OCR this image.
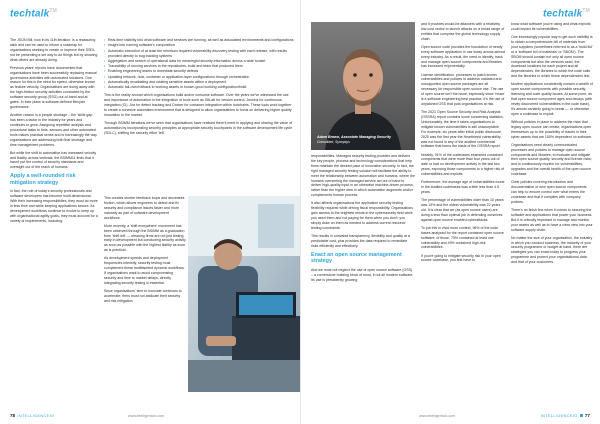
techtalk™

The JSON Bill, now in its 11th iteration, is a reassuring stick and can be used to inform a roadmap for organisations seeking to create or improve their SSDL not be presenting a set way to do things but by showing what others are already doing.

Previous years' reports have documented that organisations have been successfully replacing manual governance activities with automated solutions. One reason for this is the need for speed, otherwise known as feature velocity. Organisations are doing away with the high-friction security activities conducted by the software security group (SSG) out-of-band and at gates. In their place is software-defined lifecycle governance.

Another reason is a people shortage – the 'skills gap' has been a factor in the industry for years and continues to grow. Assigning repetitive analysis and procedural tasks to bots, sensors and other automated tools makes practical sense and is increasingly the way organisations are addressing both that shortage and time management problems.

But while the shift to automation has increased velocity and fluidity across verticals, the BSIMM11 finds that it hasn't put the control of security standards and oversight out of the reach of humans.

Apply a well-rounded risk mitigation strategy

In fact, the role of today's security professionals and software developers has become multi-dimensional. With their increasing responsibilities, they must do more in less time and while keeping applications secure. As development workflows continue to evolve to keep up with organisational agility goals, they must account for a variety of requirements, including:

• Real-time visibility into what software and services are running, as well as associated environments and configurations
• Insight into running software's composition
• Automatic execution of at least the minimum required vulnerability discovery testing with each release, with results provided directly to bug tracking systems
• Aggregation and search of operational data for meaningful security information across a wide toolset
• Traceability of running services to the repositories, build and team that produced them
• Enabling engineering teams to remediate security defects
• Updating network, host, container or application-layer configurations through orchestration
• Automatically revalidating and rotating sensitive assets within a deployment
• Automatic fail-over/rollback to working assets or known-good working configuration/build

This is the reality around which organisations build and/or consume software. Over the years we've witnessed the use and importance of automation in the integration of tools such as GitLab for version control, Jenkins for continuous integration (CI), Jira for defect tracking and Docker for container integration within toolchains. These tools work together to create a cohesive automated environment that is designed to allow organisations to focus on delivering higher quality innovation to the market.

Through BSIMM iterations we've seen that organisations have realised there's merit in applying and sharing the value of automation by incorporating security principles at appropriate security touchpoints in the software development life cycle (SDLC), shifting the security effort 'left'.

This creates shorter feedback loops and decreases friction, which allows engineers to detect and fix security and compliance issues faster and more naturally as part of software development workflows.

More recently, a 'shift everywhere' movement has been observed through the BSIMM as a graduation from 'shift left' — meaning firms are not just testing early in development but conducting security activity as soon as possible with the highest fidelity as soon as is practical.

As development speeds and deployment frequencies intensify, security testing must complement these multifaceted dynamic workflows. If organisations want to avoid compromising security and time to market delays, directly integrating security testing is essential.

Since organisations' time to innovate continues to accelerate, firms must not abdicate their security and risk mitigation

78 INTELLIGENCEIO	www.intelligentcio.com
techtalk™
Adam Brown, Associate Managing Security
Consultant, Synopsys

responsibilities. Managed security testing provides and delivers the key people, process and technology considerations that help firms maintain the desired pace of innovation securely. In fact, the right managed security testing solution will facilitate the ability to meet the relationship between automation and humans, where the humans overseeing the managed service act out of band to deliver high-quality input in an otherwise machine-driven process, rather than the higher view in which automation augments and/or complements human process.

It also affords organisations the application security testing flexibility required while driving fiscal responsibility. Organisations gain access to the brightest minds in the cybersecurity field while you need them and not paying for them when you don't; you simply draw on them as needed to address current resource testing constraints.

This results in unrivaled transparency, flexibility and quality at a predictable cost, plus provides the data required to remediate risks efficiently and effectively.

Enact an open source management strategy

And we must not neglect the use of open source software (OSS) – a cornerstone building block of most, if not all modern software. Its use is persistently growing

and it provides would-be attackers with a relatively low-cost vector to launch attacks on a broad range of entities that comprise the global technology supply chain.

Open source code provides the foundation of nearly every software application in use today across almost every industry. As a result, the need to identify, track and manage open source components and libraries has increased exponentially.

License identification, processes to patch known vulnerabilities and policies to address outdated and unsupported open source packages are all necessary for responsible open source use. The use of open source isn't the issue, especially since 'reuse' is a software engineering best practice; it's the use of unpatched OSS that puts organisations at risk.

The 2021 Open Source Security and Risk Analysis (OSSRA) report contains some concerning statistics. Unfortunately, the time it takes organisations to mitigate known vulnerabilities is still unacceptable. For example, six years after initial public disclosure, 2020 was the first year the Heartbleed vulnerability was not found in any of the audited commercial software that forms the basis of the OSSRA report.

Notably, 91% of the codebases examined contained components that were more than four years out of date or had no development activity in the last two years, exposing those components to a higher risk of vulnerabilities and exploits.

Furthermore, the average age of vulnerabilities found in the audited codebases was a little less than 4.5 years.

The percentage of vulnerabilities older than 10 years was 19% and the oldest vulnerability was 22 years old. It is clear that we (as open source users) are doing a less than optimal job in defending ourselves against open source enabled cyberattacks.

To put this in vivid more context, 98% of the code bases analysed for the report contained open source software; of those, 75% contained at least one vulnerability and 49% contained high-risk vulnerabilities.

If you're going to mitigate security risk in your open source codebase, you first have to

know what software you're using and what exploits could impact its vulnerabilities.

One increasingly popular way to get such visibility is to obtain a comprehensive bill of materials from your suppliers (sometimes referred to as a 'build list' or a 'software bill of materials' or 'SBOM'). The SBOM should contain not only all open source components but also the versions used, the download locations for each project and all dependencies, the libraries to which the code calls and the libraries to which those dependencies link.

Modern applications consistently contain a wealth of open source components with possible security, licensing and code quality issues. At some point, as that open source component ages and decays (with newly discovered vulnerabilities in the code base), it's almost certainly going to break — or otherwise open a codebase to exploit.

Without policies in place to address the risks that legacy open source can create, organisations open themselves up to the possibility of issues in their cyber assets that are 100% dependent on software.

Organisations need clearly communicated processes and policies to manage open source components and libraries; to evaluate and mitigate their open source quality, security and license risks; and to continuously monitor for vulnerabilities, upgrades and the overall health of the open source codebase.

Clear policies covering introduction and documentation of new open source components can help to ensure control over what enters the codebase and that it complies with company policies.

There's no finish line when it comes to securing the software and applications that power your business. But it is critically important to manage and monitor your assets as well as to have a clear view into your software supply chain.

No matter the size of your organisation, the industry in which you conduct business, the maturity of your security programme or budget at hand, there are strategies you can enact today to progress your programme and protect your organisational data and that of your customers.

www.intelligentcio.com	INTELLIGENCEIO 77
